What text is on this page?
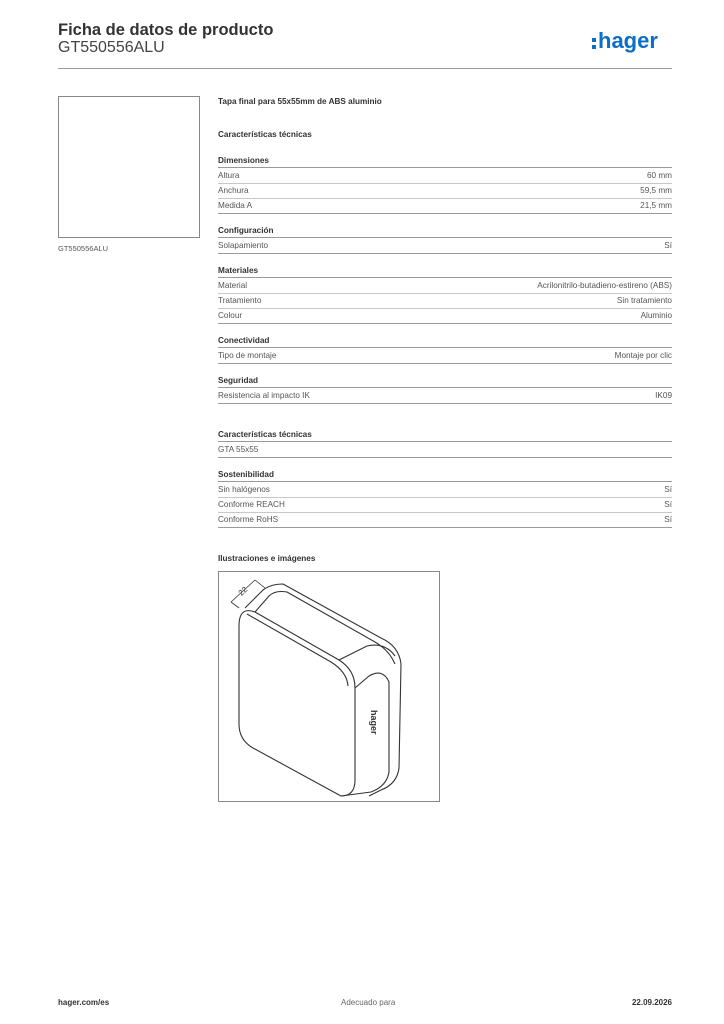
Ficha de datos de producto
GT550556ALU	hager
GT550556ALU
Tapa final para 55x55mm de ABS aluminio
Características técnicas
Dimensiones
Altura	60 mm
Anchura	59,5 mm
Medida A	21,5 mm
Configuración
Solapamiento	Sí
Materiales
Material	Acrilonitrilo-butadieno-estireno (ABS)
Tratamiento	Sin tratamiento
Colour	Aluminio
Conectividad
Tipo de montaje	Montaje por clic
Seguridad
Resistencia al impacto IK	IK09
Características técnicas
GTA 55x55
Sostenibilidad
Sin halógenos	Sí
Conforme REACH	Sí
Conforme RoHS	Sí
Ilustraciones e imágenes
22
hager
hager.com/es	Adecuado para	22.09.2026
